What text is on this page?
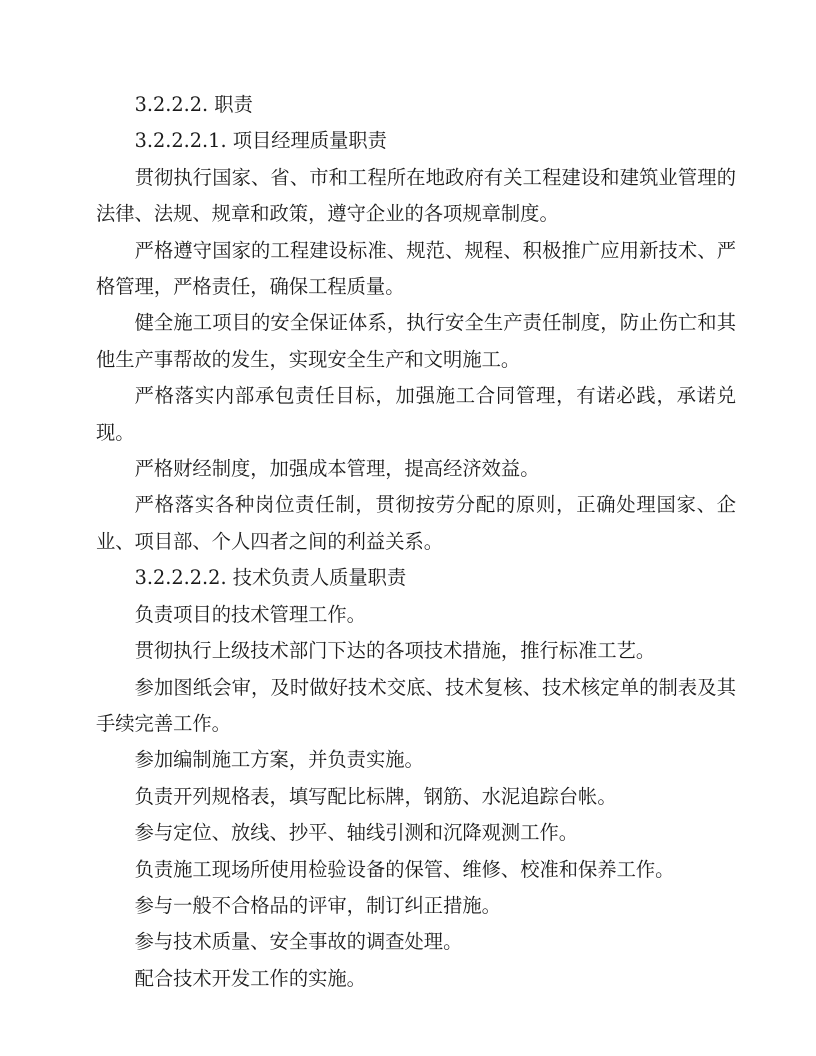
3.2.2.2. 职责

3.2.2.2.1. 项目经理质量职责

贯彻执行国家、省、市和工程所在地政府有关工程建设和建筑业管理的法律、法规、规章和政策，遵守企业的各项规章制度。

严格遵守国家的工程建设标准、规范、规程、积极推广应用新技术、严格管理，严格责任，确保工程质量。

健全施工项目的安全保证体系，执行安全生产责任制度，防止伤亡和其他生产事帮故的发生，实现安全生产和文明施工。

严格落实内部承包责任目标，加强施工合同管理，有诺必践，承诺兑现。

严格财经制度，加强成本管理，提高经济效益。

严格落实各种岗位责任制，贯彻按劳分配的原则，正确处理国家、企业、项目部、个人四者之间的利益关系。

3.2.2.2.2. 技术负责人质量职责

负责项目的技术管理工作。

贯彻执行上级技术部门下达的各项技术措施，推行标准工艺。

参加图纸会审，及时做好技术交底、技术复核、技术核定单的制表及其手续完善工作。

参加编制施工方案，并负责实施。

负责开列规格表，填写配比标牌，钢筋、水泥追踪台帐。

参与定位、放线、抄平、轴线引测和沉降观测工作。

负责施工现场所使用检验设备的保管、维修、校准和保养工作。

参与一般不合格品的评审，制订纠正措施。

参与技术质量、安全事故的调查处理。

配合技术开发工作的实施。
